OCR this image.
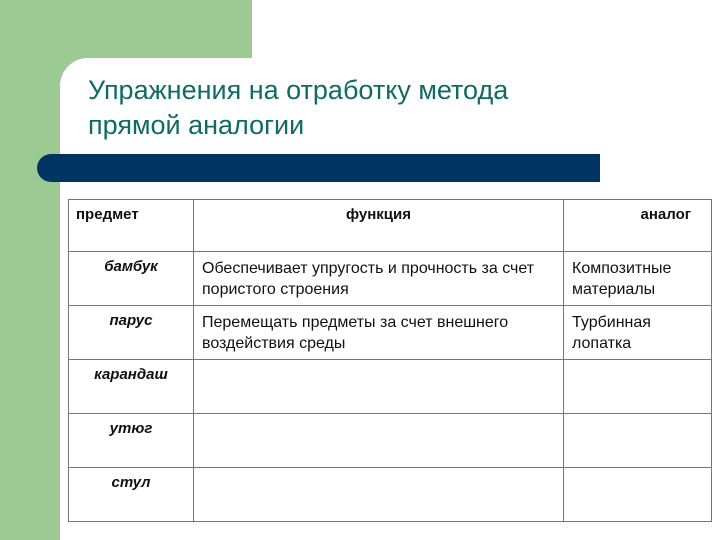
Упражнения на отработку метода
прямой аналогии
предмет	функция	аналог
бамбук	Обеспечивает упругость и прочность за счет пористого строения	Композитные материалы

парус	Перемещать предметы за счет внешнего воздействия среды	Турбинная лопатка

карандаш	

утюг	

стул	
